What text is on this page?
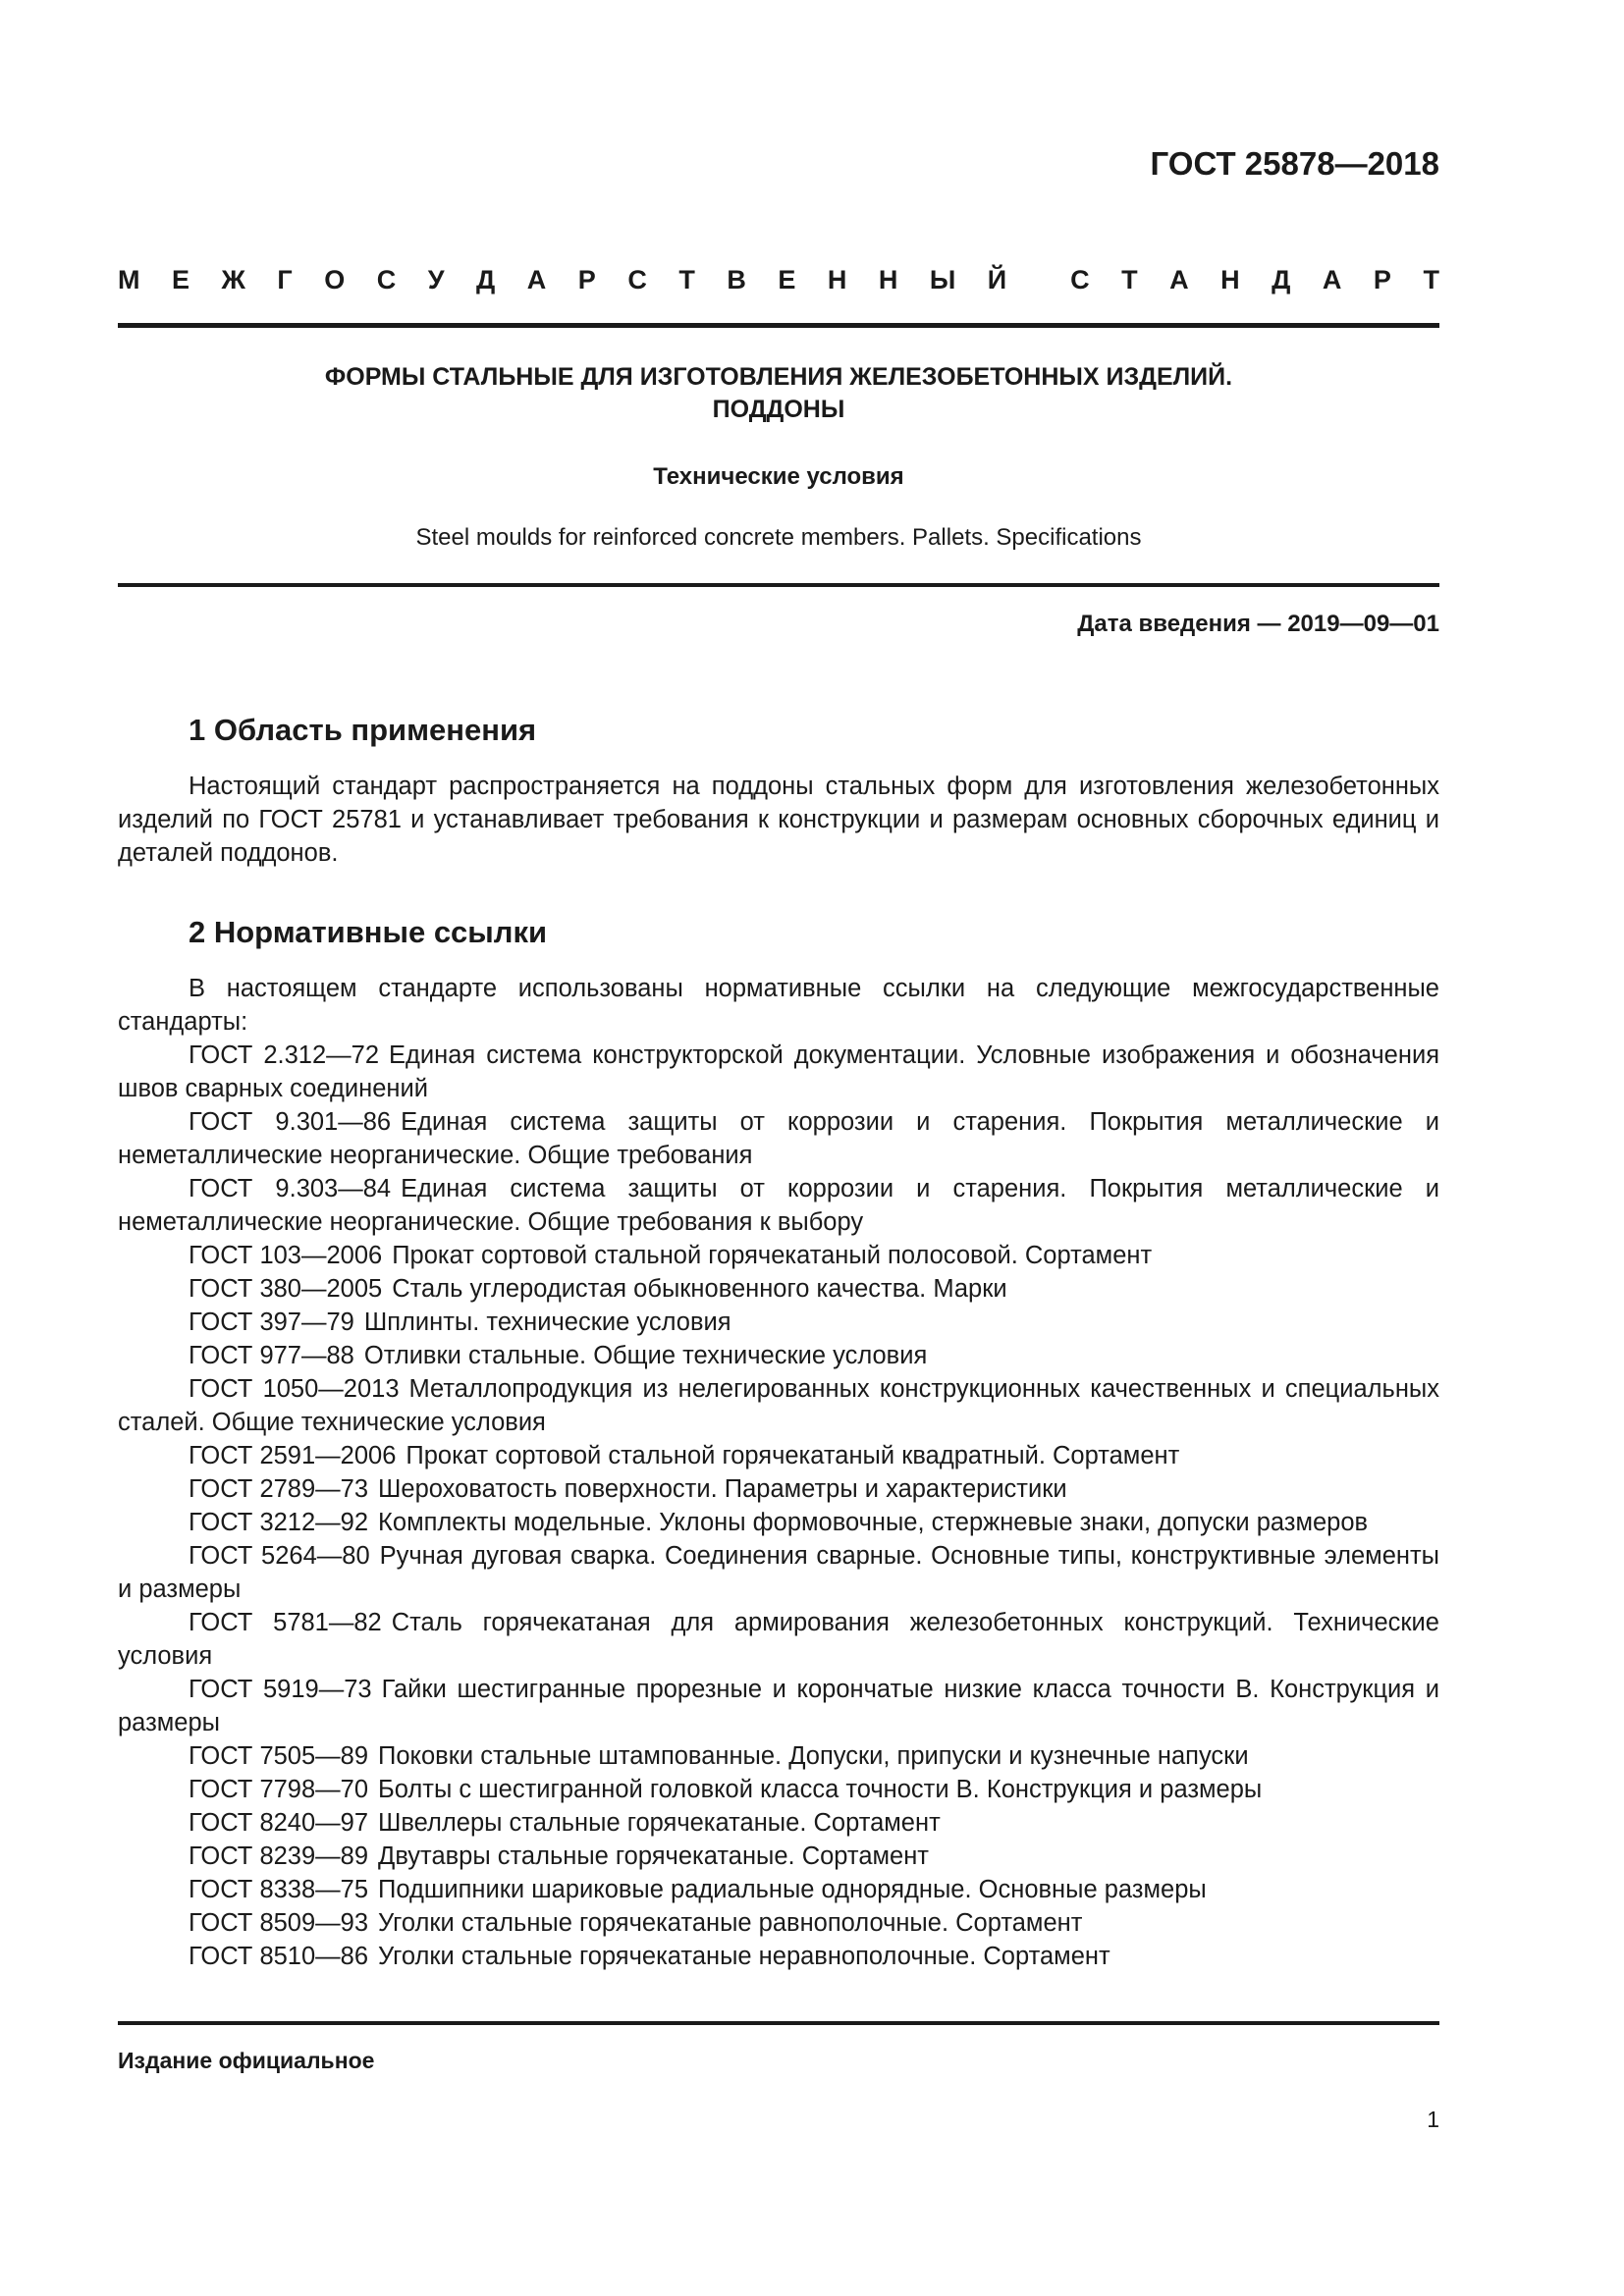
ГОСТ 25878—2018
М Е Ж Г О С У Д А Р С Т В Е Н Н Ы Й С Т А Н Д А Р Т
ФОРМЫ СТАЛЬНЫЕ ДЛЯ ИЗГОТОВЛЕНИЯ ЖЕЛЕЗОБЕТОННЫХ ИЗДЕЛИЙ.
ПОДДОНЫ
Технические условия
Steel moulds for reinforced concrete members. Pallets. Specifications
Дата введения — 2019—09—01
1 Область применения

Настоящий стандарт распространяется на поддоны стальных форм для изготовления железобетонных изделий по ГОСТ 25781 и устанавливает требования к конструкции и размерам основных сборочных единиц и деталей поддонов.

2 Нормативные ссылки

В настоящем стандарте использованы нормативные ссылки на следующие межгосударственные стандарты:

ГОСТ 2.312—72 Единая система конструкторской документации. Условные изображения и обозначения швов сварных соединений

ГОСТ 9.301—86 Единая система защиты от коррозии и старения. Покрытия металлические и неметаллические неорганические. Общие требования

ГОСТ 9.303—84 Единая система защиты от коррозии и старения. Покрытия металлические и неметаллические неорганические. Общие требования к выбору

ГОСТ 103—2006 Прокат сортовой стальной горячекатаный полосовой. Сортамент

ГОСТ 380—2005 Сталь углеродистая обыкновенного качества. Марки

ГОСТ 397—79 Шплинты. технические условия

ГОСТ 977—88 Отливки стальные. Общие технические условия

ГОСТ 1050—2013 Металлопродукция из нелегированных конструкционных качественных и специальных сталей. Общие технические условия

ГОСТ 2591—2006 Прокат сортовой стальной горячекатаный квадратный. Сортамент

ГОСТ 2789—73 Шероховатость поверхности. Параметры и характеристики

ГОСТ 3212—92 Комплекты модельные. Уклоны формовочные, стержневые знаки, допуски размеров

ГОСТ 5264—80 Ручная дуговая сварка. Соединения сварные. Основные типы, конструктивные элементы и размеры

ГОСТ 5781—82 Сталь горячекатаная для армирования железобетонных конструкций. Технические условия

ГОСТ 5919—73 Гайки шестигранные прорезные и корончатые низкие класса точности В. Конструкция и размеры

ГОСТ 7505—89 Поковки стальные штампованные. Допуски, припуски и кузнечные напуски

ГОСТ 7798—70 Болты с шестигранной головкой класса точности В. Конструкция и размеры

ГОСТ 8240—97 Швеллеры стальные горячекатаные. Сортамент

ГОСТ 8239—89 Двутавры стальные горячекатаные. Сортамент

ГОСТ 8338—75 Подшипники шариковые радиальные однорядные. Основные размеры

ГОСТ 8509—93 Уголки стальные горячекатаные равнополочные. Сортамент

ГОСТ 8510—86 Уголки стальные горячекатаные неравнополочные. Сортамент

Издание официальное
1
